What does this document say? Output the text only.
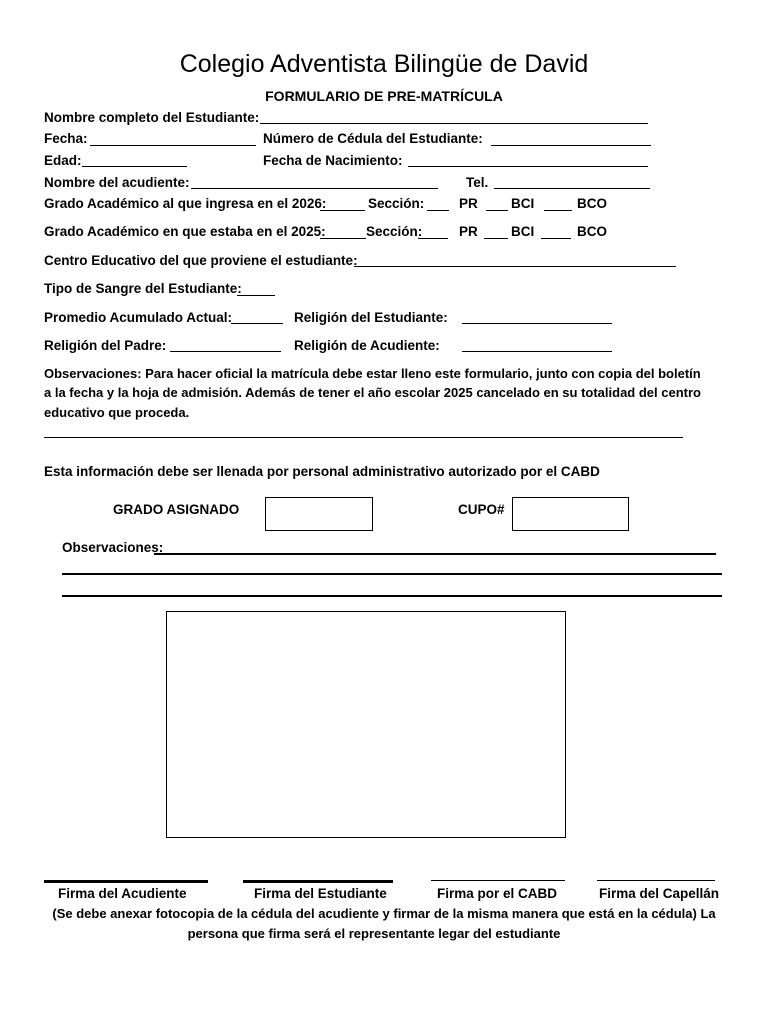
Colegio Adventista Bilingüe de David
FORMULARIO DE PRE-MATRÍCULA
Nombre completo del Estudiante:
Fecha:	Número de Cédula del Estudiante:
Edad:	Fecha de Nacimiento:
Nombre del acudiente:	Tel.
Grado Académico al que ingresa en el 2026:	Sección:	PR BCI	BCO
Grado Académico en que estaba en el 2025:	Sección:	PR BCI	BCO
Centro Educativo del que proviene el estudiante:
Tipo de Sangre del Estudiante:
Promedio Acumulado Actual:	Religión del Estudiante:
Religión del Padre:	Religión de Acudiente:
Observaciones: Para hacer oficial la matrícula debe estar lleno este formulario, junto con copia del boletín
a la fecha y la hoja de admisión. Además de tener el año escolar 2025 cancelado en su totalidad del centro
educativo que proceda.
Esta información debe ser llenada por personal administrativo autorizado por el CABD
GRADO ASIGNADO	CUPO#
Observaciones:
Firma del Acudiente	Firma del Estudiante	Firma por el CABD	Firma del Capellán
(Se debe anexar fotocopia de la cédula del acudiente y firmar de la misma manera que está en la cédula) La
persona que firma será el representante legar del estudiante
